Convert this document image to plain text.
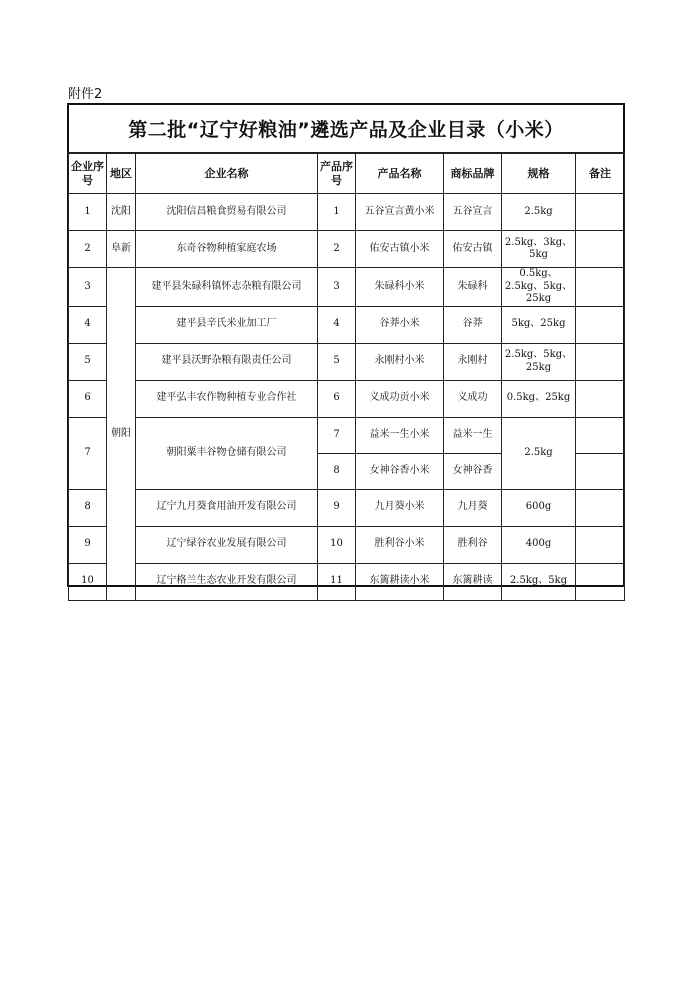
附件2
第二批“辽宁好粮油”遴选产品及企业目录（小米）
企业序号	地区	企业名称	产品序号	产品名称	商标品牌	规格	备注
1	沈阳	沈阳信昌粮食贸易有限公司	1	五谷宣言黄小米	五谷宣言	2.5kg	
2	阜新	东奇谷物种植家庭农场	2	佑安古镇小米	佑安古镇	2.5kg、3kg、5kg	
3	朝阳	建平县朱碌科镇怀志杂粮有限公司	3	朱碌科小米	朱碌科	0.5kg、2.5kg、5kg、25kg	
4		建平县辛氏米业加工厂	4	谷莽小米	谷莽	5kg、25kg	
5		建平县沃野杂粮有限责任公司	5	永刚村小米	永刚村	2.5kg、5kg、25kg	
6		建平弘丰农作物种植专业合作社	6	义成功贡小米	义成功	0.5kg、25kg	
7		朝阳粟丰谷物仓储有限公司	7	益米一生小米	益米一生	2.5kg	
			8	女神谷香小米	女神谷香		
8		辽宁九月葵食用油开发有限公司	9	九月葵小米	九月葵	600g	
9		辽宁绿谷农业发展有限公司	10	胜利谷小米	胜利谷	400g	
10		辽宁格兰生态农业开发有限公司	11	东篱耕读小米	东篱耕读	2.5kg、5kg	
